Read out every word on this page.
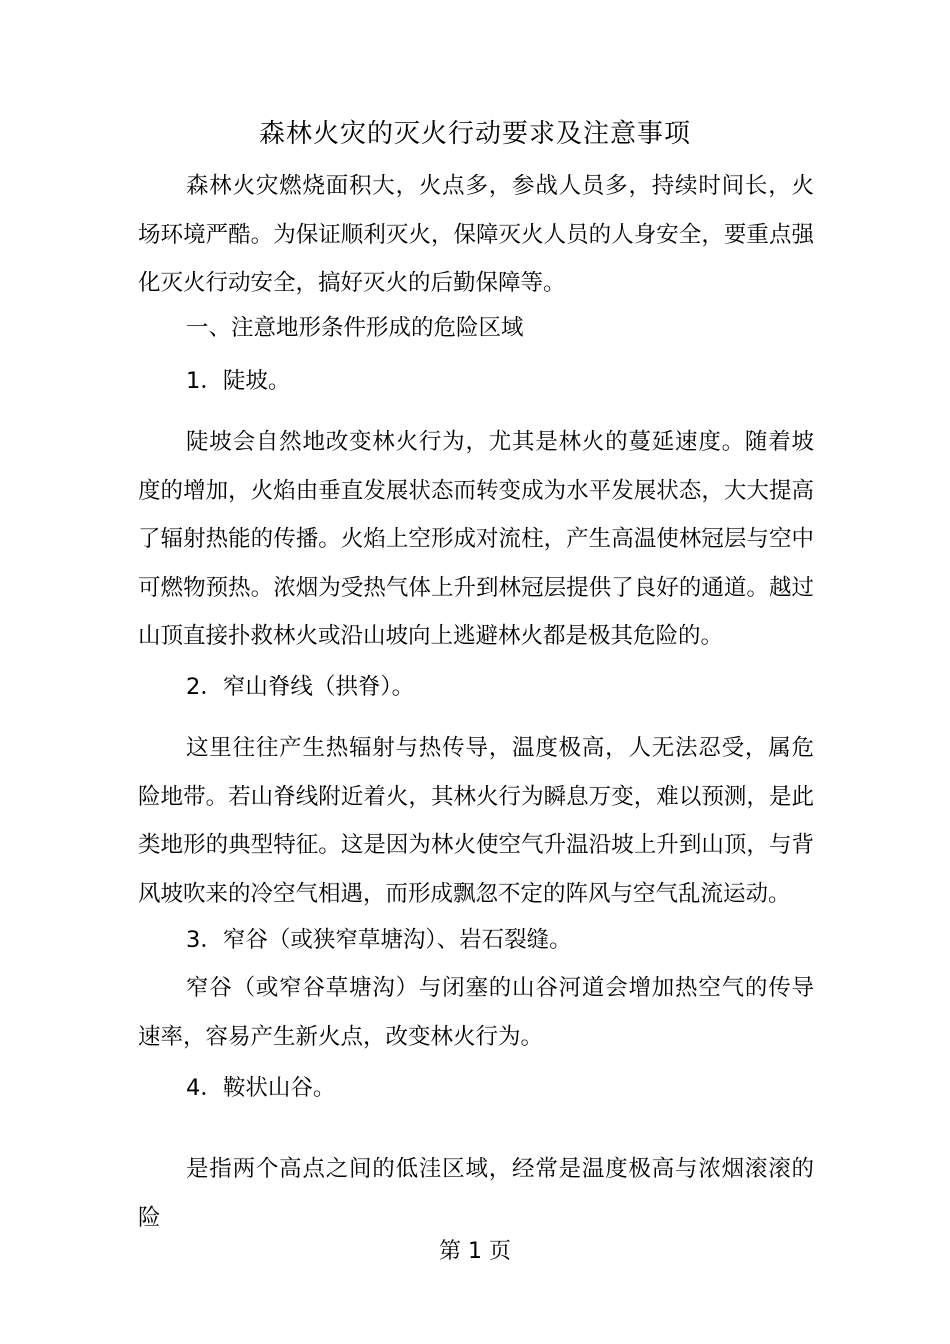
森林火灾的灭火行动要求及注意事项

森林火灾燃烧面积大，火点多，参战人员多，持续时间长，火场环境严酷。为保证顺利灭火，保障灭火人员的人身安全，要重点强化灭火行动安全，搞好灭火的后勤保障等。

一、注意地形条件形成的危险区域

1．陡坡。

陡坡会自然地改变林火行为，尤其是林火的蔓延速度。随着坡度的增加，火焰由垂直发展状态而转变成为水平发展状态，大大提高了辐射热能的传播。火焰上空形成对流柱，产生高温使林冠层与空中可燃物预热。浓烟为受热气体上升到林冠层提供了良好的通道。越过山顶直接扑救林火或沿山坡向上逃避林火都是极其危险的。

2．窄山脊线（拱脊）。

这里往往产生热辐射与热传导，温度极高，人无法忍受，属危险地带。若山脊线附近着火，其林火行为瞬息万变，难以预测，是此类地形的典型特征。这是因为林火使空气升温沿坡上升到山顶，与背风坡吹来的冷空气相遇，而形成飘忽不定的阵风与空气乱流运动。

3．窄谷（或狭窄草塘沟）、岩石裂缝。

窄谷（或窄谷草塘沟）与闭塞的山谷河道会增加热空气的传导速率，容易产生新火点，改变林火行为。

4．鞍状山谷。

是指两个高点之间的低洼区域，经常是温度极高与浓烟滚滚的险

第 1 页
